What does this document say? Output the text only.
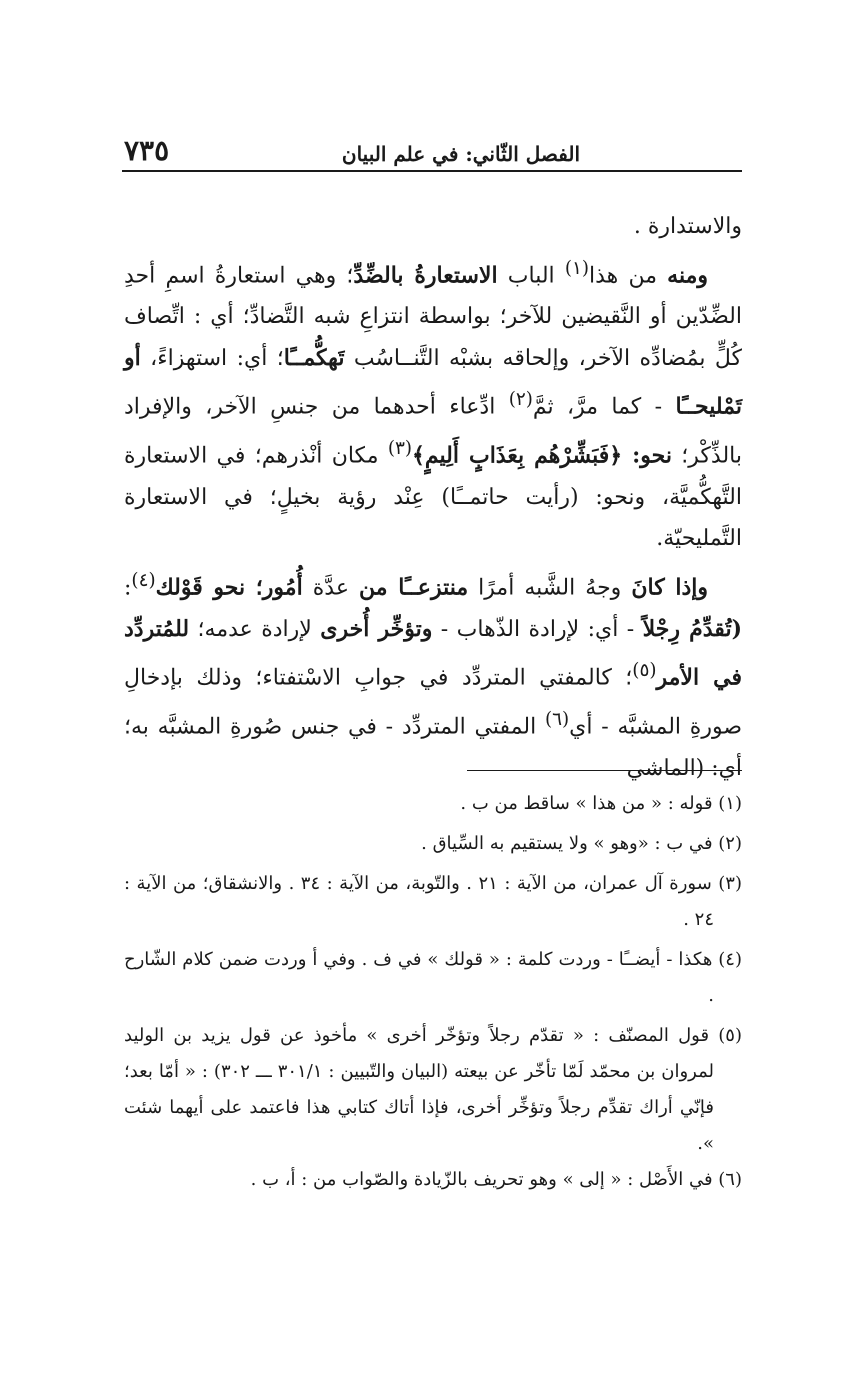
الفصل الثّاني: في علم البيان
٧٣٥

والاستدارة .

ومنه من هذا$^{(١)}$ الباب الاستعارةُ بالضِّدِّ؛ وهي استعارةُ اسمِ أحدِ الضِّدّين أو النَّقيضين للآخر؛ بواسطة انتزاعِ شبه التَّضادِّ؛ أي : اتِّصاف كُلٍّ بمُضادِّه الآخر، وإلحاقه بشبْه التَّنــاسُب تَهكُّمــًا؛ أي: استهزاءً، أو تَمْليحــًا - كما مرَّ، ثمَّ$^{(٢)}$ ادِّعاء أحدهما من جنسِ الآخر، والإفراد بالذِّكْر؛ نحو: ﴿فَبَشِّرْهُم بِعَذَابٍ أَلِيمٍ﴾$^{(٣)}$ مكان أنْذرهم؛ في الاستعارة التَّهكُّميَّة، ونحو: (رأيت حاتمــًا) عِنْد رؤية بخيلٍ؛ في الاستعارة التَّمليحيّة.

وإذا كانَ وجهُ الشَّبه أمرًا منتزعــًا من عدَّة أُمُور؛ نحو قَوْلك$^{(٤)}$: (تُقدِّمُ رِجْلاً - أي: لإرادة الذّهاب - وتؤخِّر أُخرى لإرادة عدمه؛ للمُتردِّد في الأمر$^{(٥)}$؛ كالمفتي المتردِّد في جوابِ الاسْتفتاء؛ وذلك بإدخالِ صورةِ المشبَّه - أي$^{(٦)}$ المفتي المتردِّد - في جنس صُورةِ المشبَّه به؛ أي: (الماشي

(١) قوله : « من هذا » ساقط من ب .

(٢) في ب : «وهو » ولا يستقيم به السِّياق .

(٣) سورة آل عمران، من الآية : ٢١ . والتّوبة، من الآية : ٣٤ . والانشقاق؛ من الآية : ٢٤ .

(٤) هكذا - أيضــًا - وردت كلمة : « قولك » في ف . وفي أ وردت ضمن كلام الشّارح .

(٥) قول المصنّف : « تقدّم رجلاً وتؤخّر أخرى » مأخوذ عن قول يزيد بن الوليد لمروان بن محمّد لَمّا تأخّر عن بيعته (البيان والتّبيين : ٣٠١/١ ـــ ٣٠٢) : « أمّا بعد؛ فإنّي أراك تقدِّم رجلاً وتؤخِّر أخرى، فإذا أتاك كتابي هذا فاعتمد على أيهما شئت ».

(٦) في الأَصْل : « إلى » وهو تحريف بالزّيادة والصّواب من : أ، ب .
